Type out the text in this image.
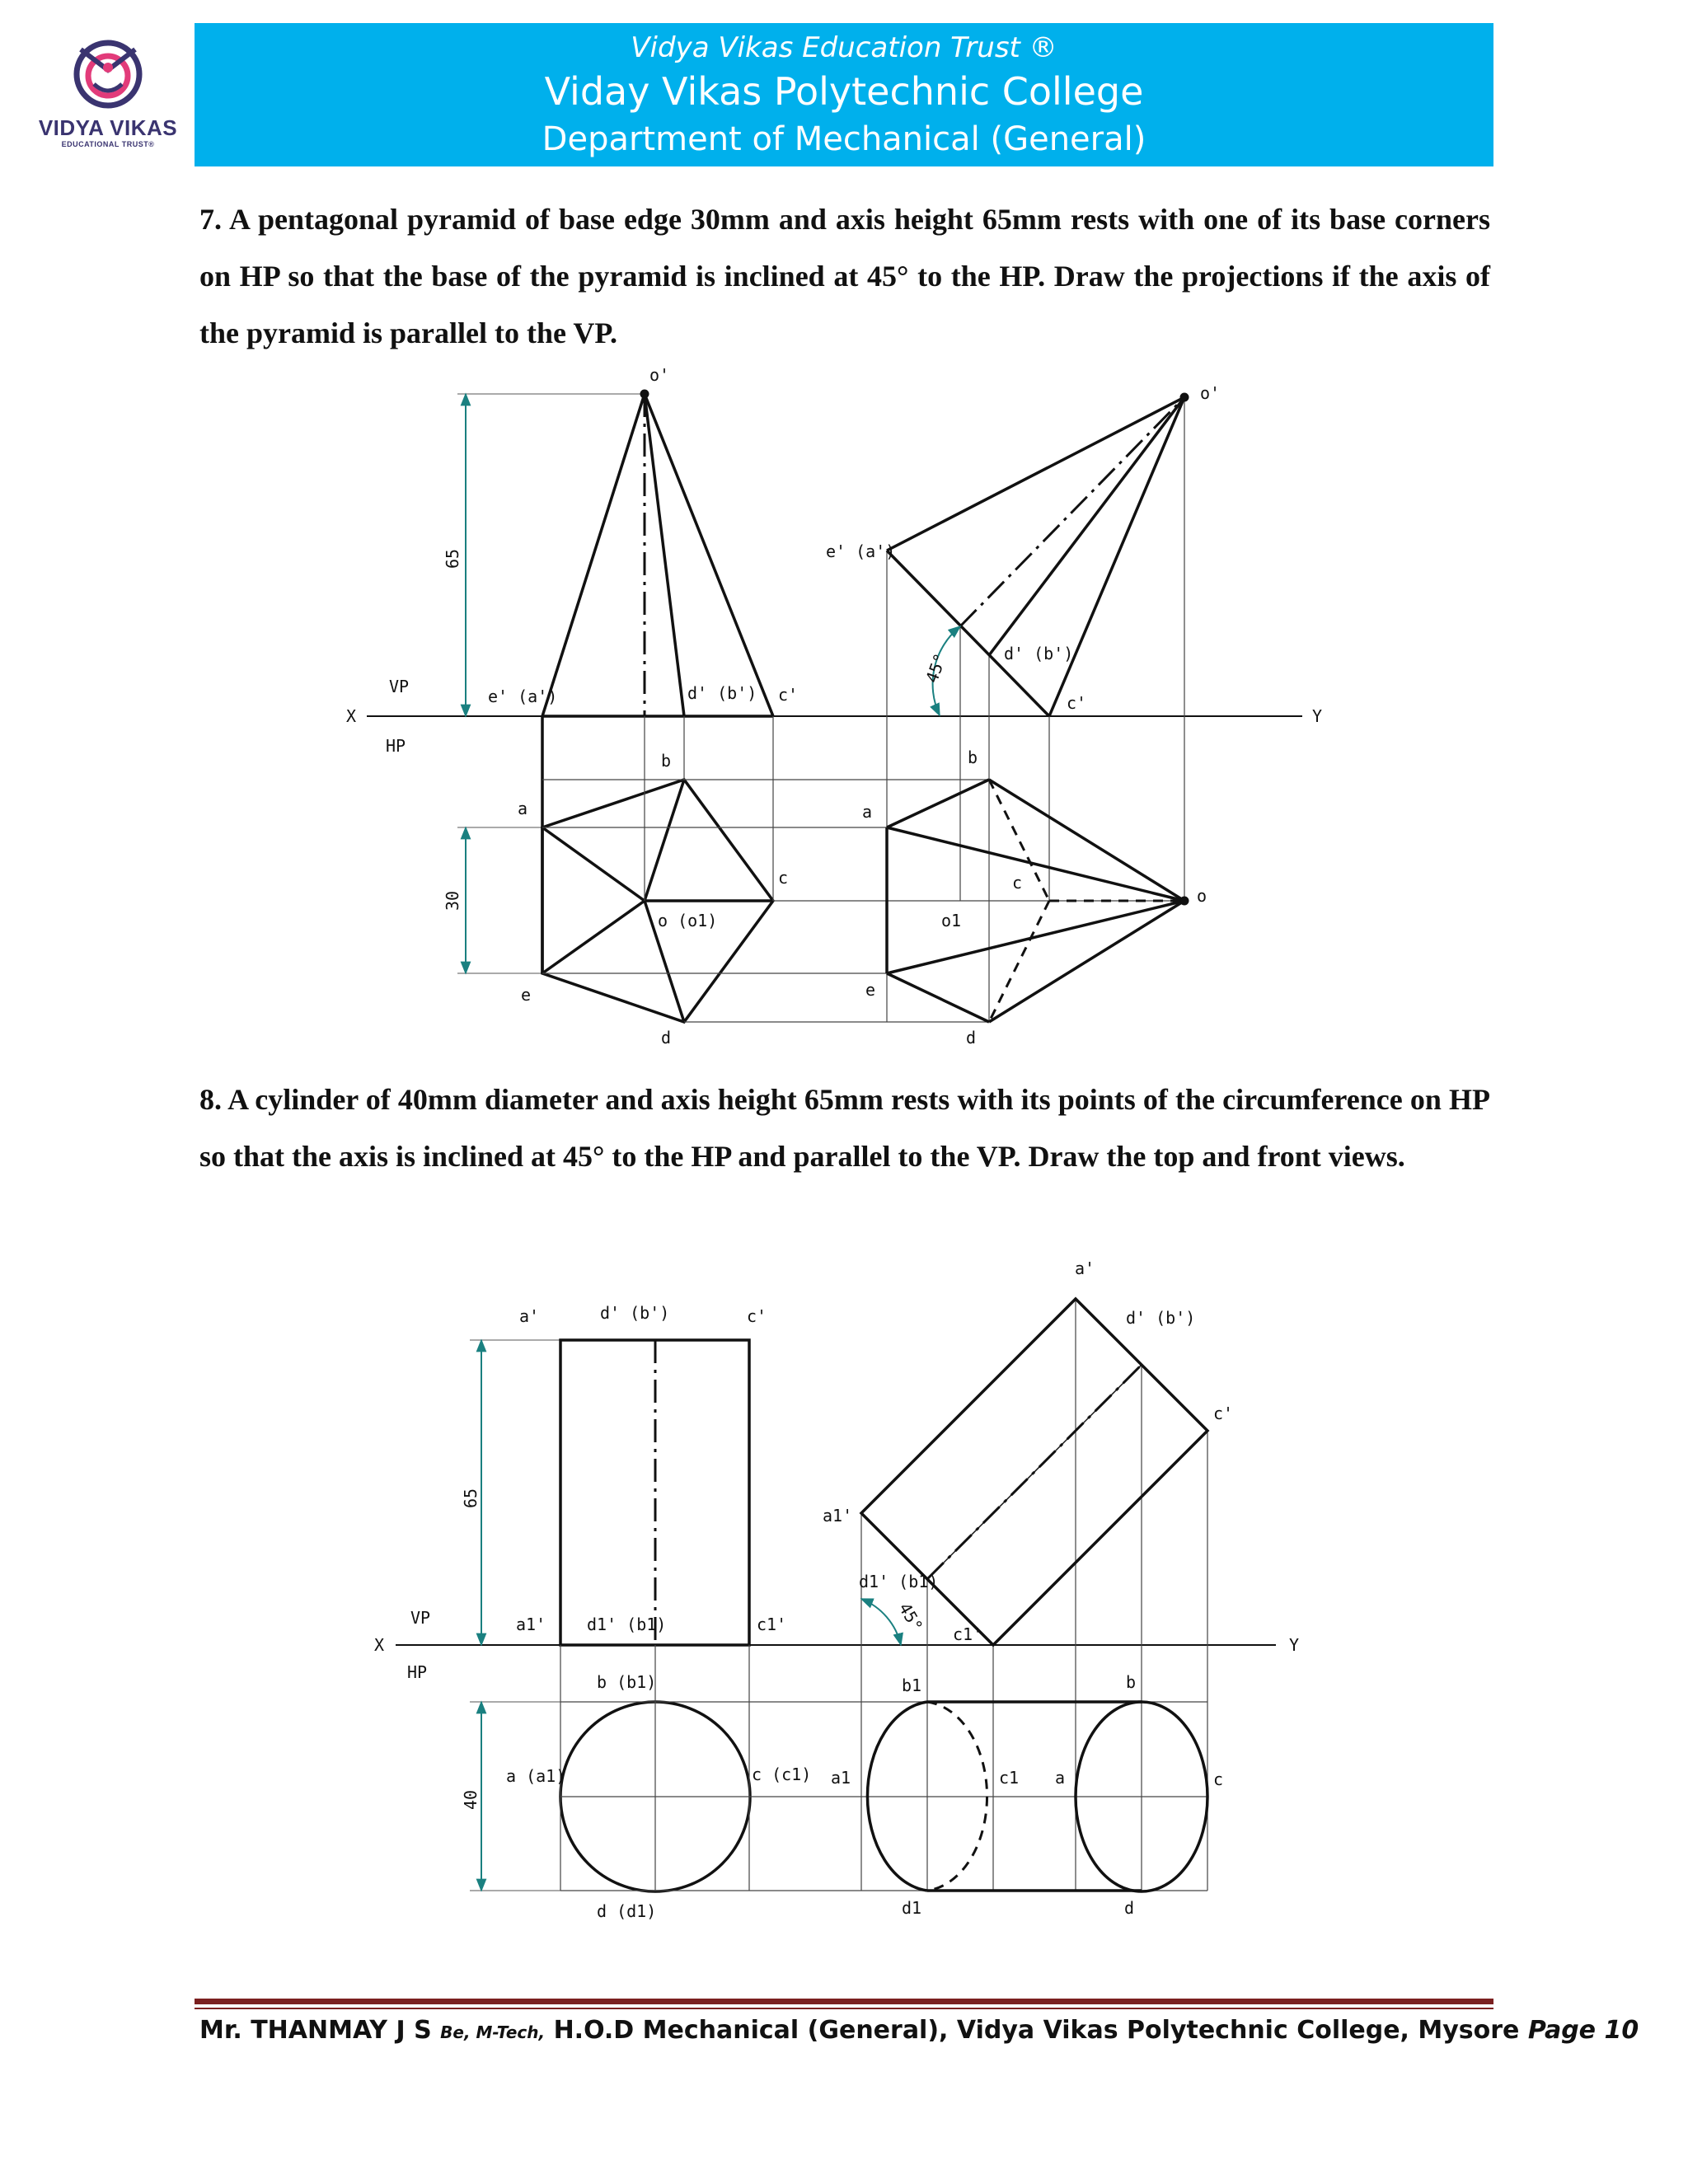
VIDYA VIKAS
EDUCATIONAL TRUST®
Vidya Vikas Education Trust ®
Viday Vikas Polytechnic College
Department of Mechanical (General)
7. A pentagonal pyramid of base edge 30mm and axis height 65mm rests with one of its base corners on HP so that the base of the pyramid is inclined at 45° to the HP. Draw the projections if the axis of the pyramid is parallel to the VP.
8. A cylinder of 40mm diameter and axis height 65mm rests with its points of the circumference on HP so that the axis is inclined at 45° to the HP and parallel to the VP. Draw the top and front views.
X	Y
VP
HP
65
30
o'
e' (a')	d' (b') c'
b
a
c
o (o1)
e
d
o'
e' (a')
d' (b')
c'
45°
b
a
c
o1
o
e
d
X	Y
VP
HP
65
40
a'	d' (b')	c'
a1' d1' (b1)	c1'
b (b1)
a (a1)	c (c1)
d (d1)
a'
d' (b')
c'
a1'
d1' (b1)
c1'
45°
b1	b
a1	c1 a	c
d1	d
Mr. THANMAY J S Be, M-Tech, H.O.D Mechanical (General), Vidya Vikas Polytechnic College, Mysore Page 10
